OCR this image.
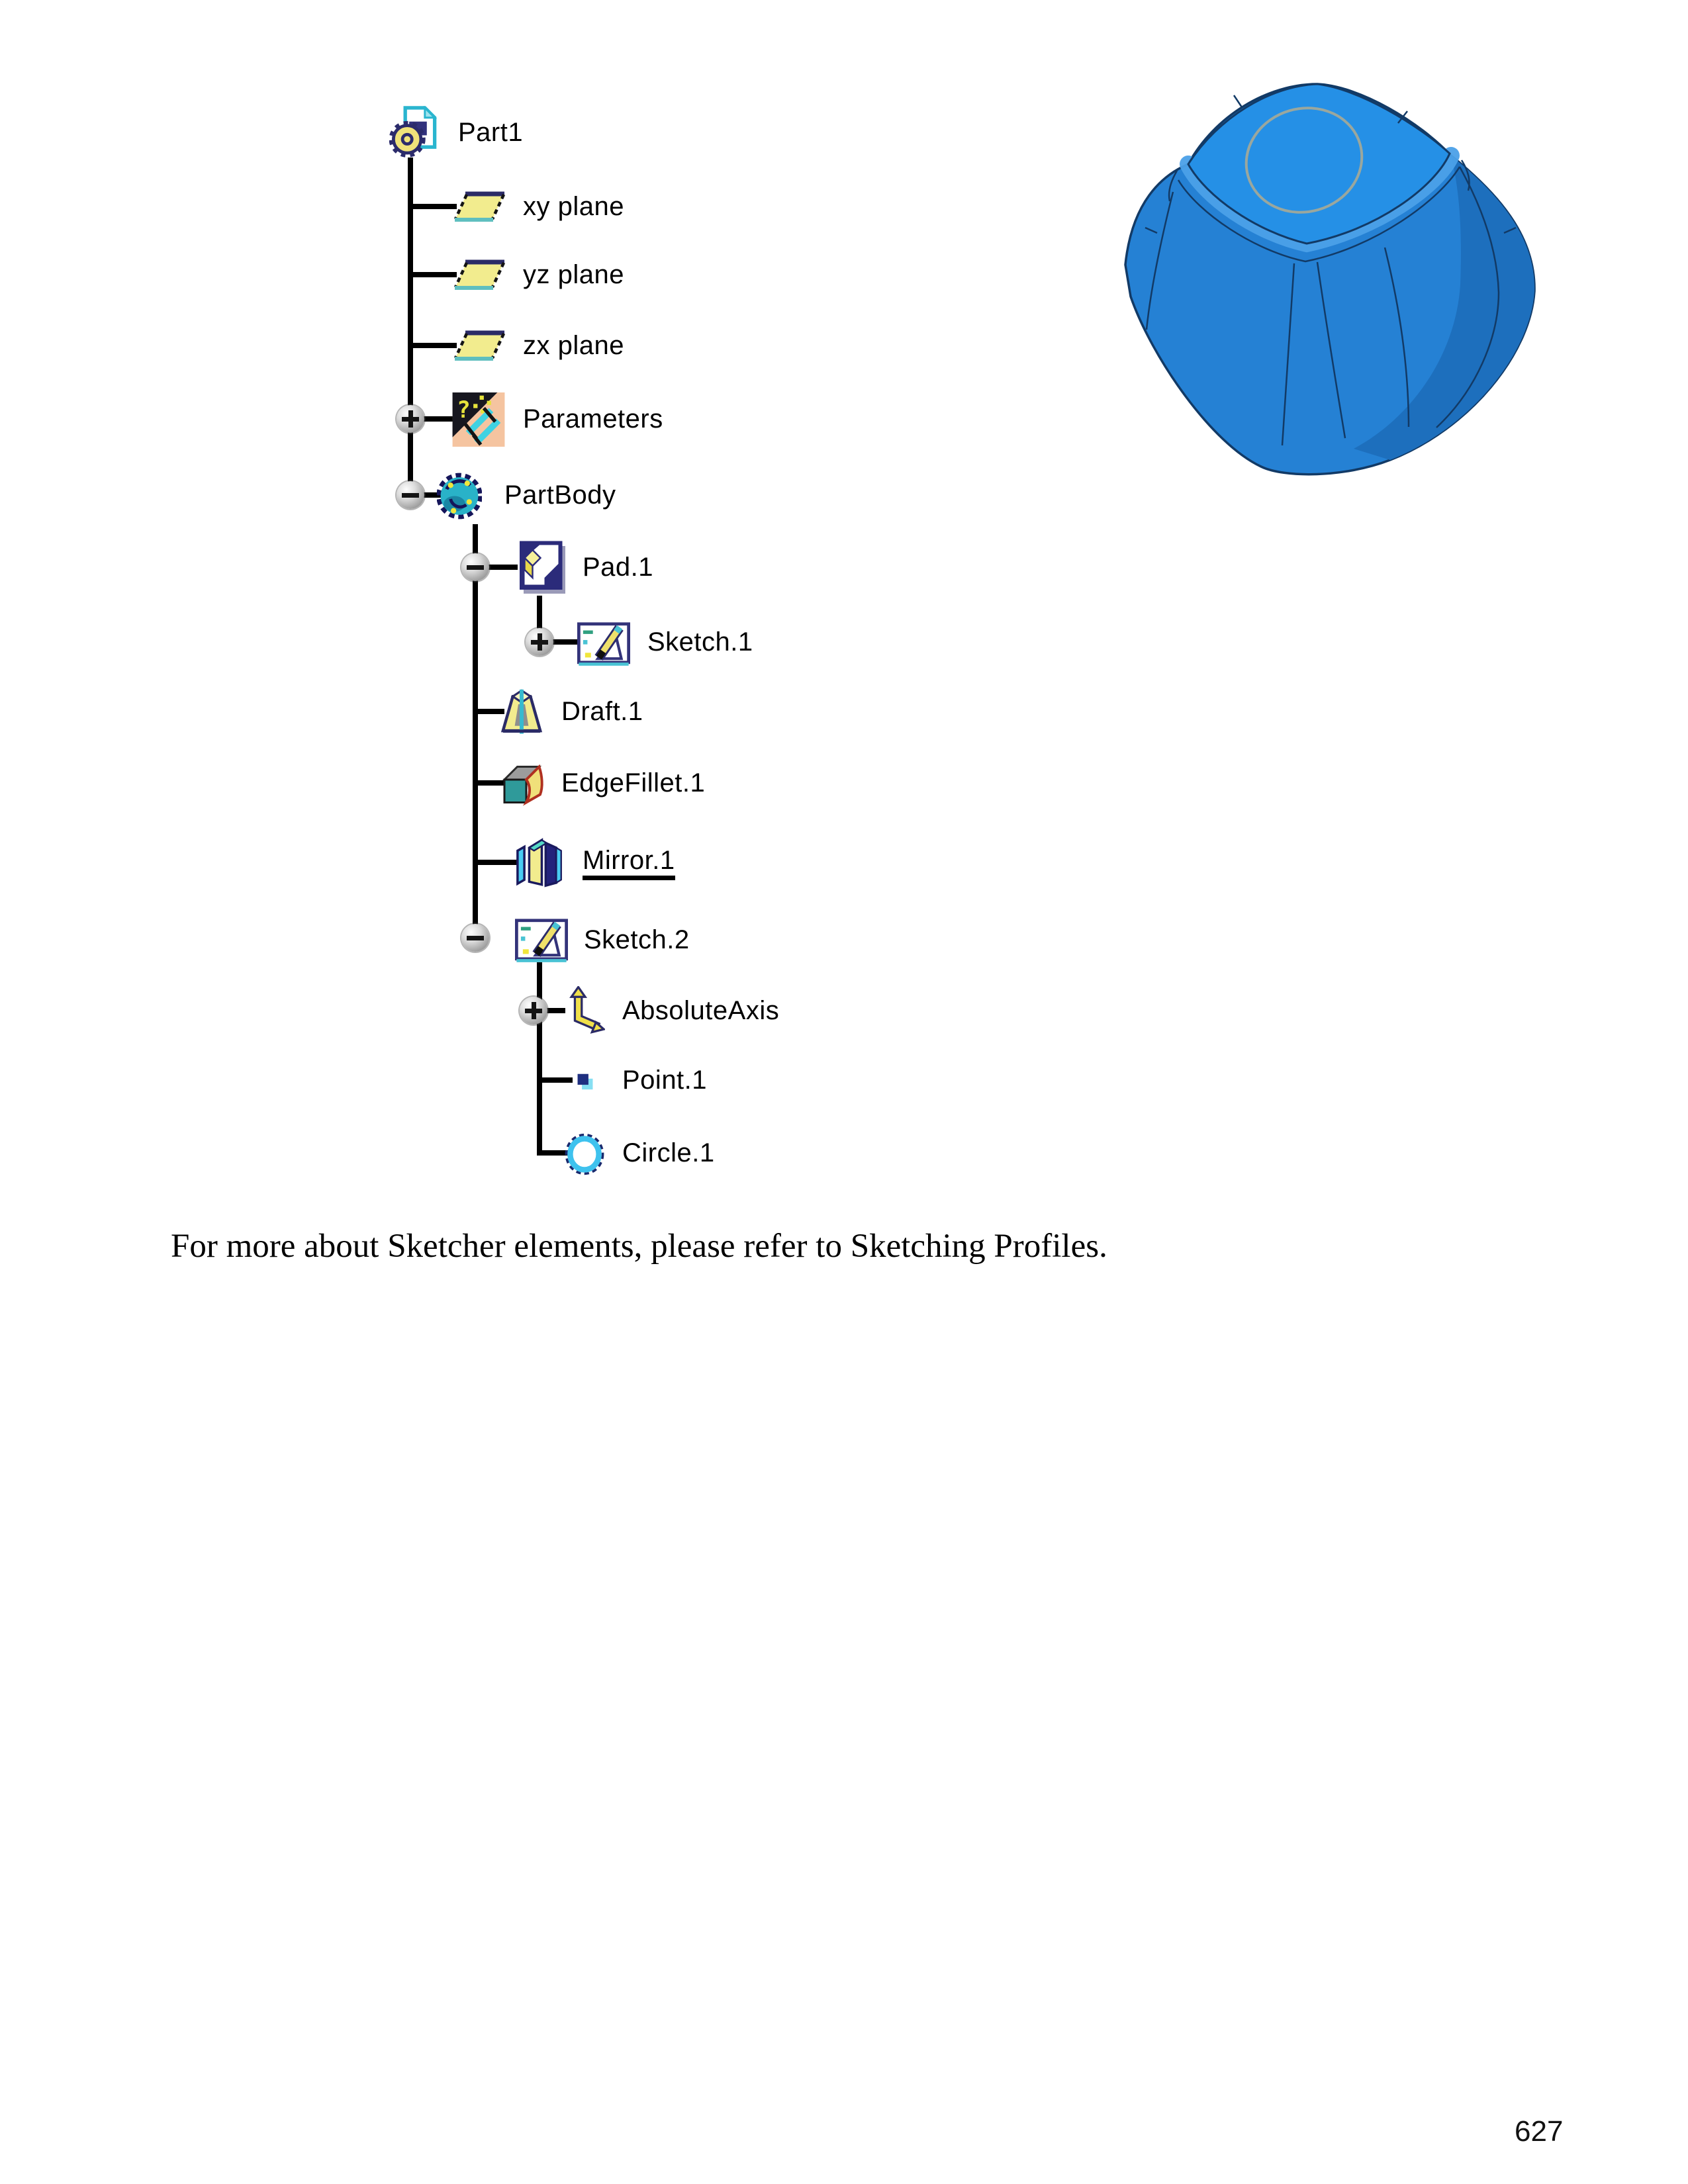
Part1
xy plane
yz plane
zx plane
? Parameters
PartBody
Pad.1
Sketch.1
Draft.1
EdgeFillet.1
Mirror.1
Sketch.2
AbsoluteAxis
Point.1
Circle.1

For more about Sketcher elements, please refer to Sketching Profiles.

627
